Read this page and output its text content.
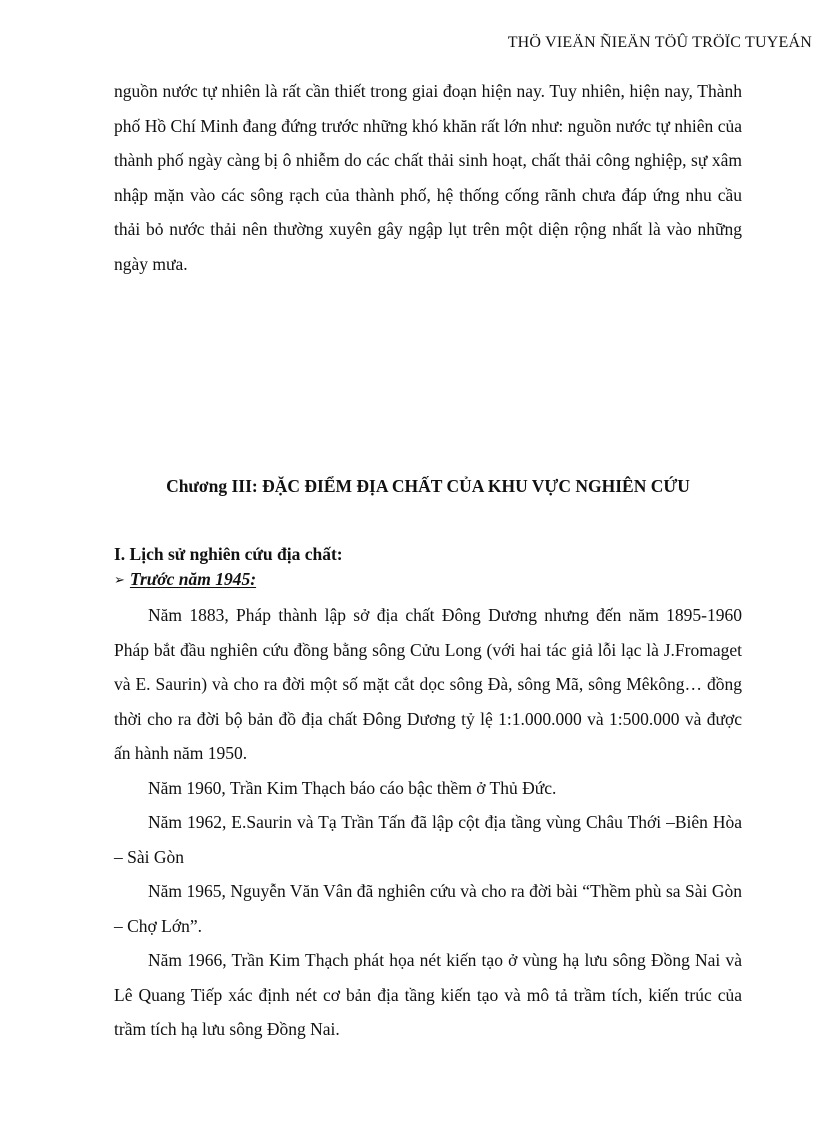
THÖ VIEÄN ÑIEÄN TÖÛ TRÖÏC TUYEÁN

nguồn nước tự nhiên là rất cần thiết trong giai đoạn hiện nay. Tuy nhiên, hiện nay, Thành phố Hồ Chí Minh đang đứng trước những khó khăn rất lớn như: nguồn nước tự nhiên của thành phố ngày càng bị ô nhiễm do các chất thải sinh hoạt, chất thải công nghiệp, sự xâm nhập mặn vào các sông rạch của thành phố, hệ thống cống rãnh chưa đáp ứng nhu cầu thải bỏ nước thải nên thường xuyên gây ngập lụt trên một diện rộng nhất là vào những ngày mưa.

Chương III: ĐẶC ĐIỂM ĐỊA CHẤT CỦA KHU VỰC NGHIÊN CỨU
I. Lịch sử nghiên cứu địa chất:
➢ Trước năm 1945:

Năm 1883, Pháp thành lập sở địa chất Đông Dương nhưng đến năm 1895-1960 Pháp bắt đầu nghiên cứu đồng bằng sông Cửu Long (với hai tác giả lỗi lạc là J.Fromaget và E. Saurin) và cho ra đời một số mặt cắt dọc sông Đà, sông Mã, sông Mêkông… đồng thời cho ra đời bộ bản đồ địa chất Đông Dương tỷ lệ 1:1.000.000 và 1:500.000 và được ấn hành năm 1950.

Năm 1960, Trần Kim Thạch báo cáo bậc thềm ở Thủ Đức.

Năm 1962, E.Saurin và Tạ Trần Tấn đã lập cột địa tầng vùng Châu Thới –Biên Hòa – Sài Gòn

Năm 1965, Nguyễn Văn Vân đã nghiên cứu và cho ra đời bài “Thềm phù sa Sài Gòn – Chợ Lớn”.

Năm 1966, Trần Kim Thạch phát họa nét kiến tạo ở vùng hạ lưu sông Đồng Nai và Lê Quang Tiếp xác định nét cơ bản địa tầng kiến tạo và mô tả trầm tích, kiến trúc của trầm tích hạ lưu sông Đồng Nai.
